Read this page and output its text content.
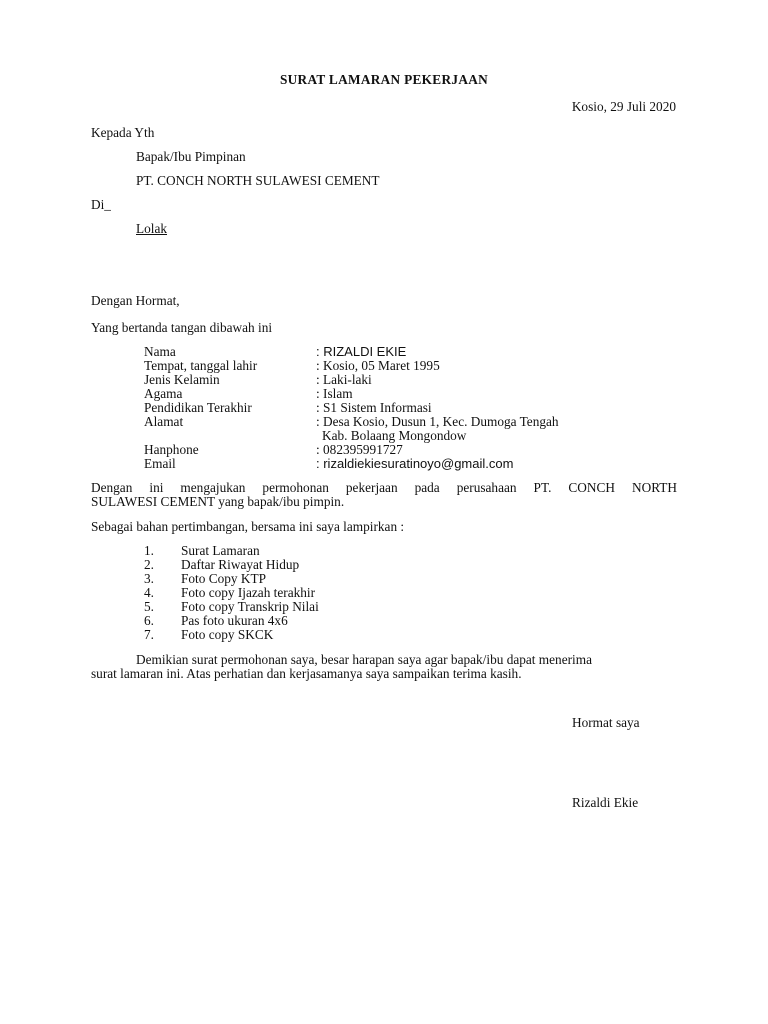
SURAT LAMARAN PEKERJAAN
Kosio, 29 Juli 2020
Kepada Yth
Bapak/Ibu Pimpinan
PT. CONCH NORTH SULAWESI CEMENT
Di_
Lolak
Dengan Hormat,
Yang bertanda tangan dibawah ini
Nama	: RIZALDI EKIE
Tempat, tanggal lahir	: Kosio, 05 Maret 1995
Jenis Kelamin	: Laki-laki
Agama	: Islam
Pendidikan Terakhir	: S1 Sistem Informasi
Alamat	: Desa Kosio, Dusun 1, Kec. Dumoga Tengah
Kab. Bolaang Mongondow
Hanphone	: 082395991727
Email	: rizaldiekiesuratinoyo@gmail.com
Dengan ini mengajukan permohonan pekerjaan pada perusahaan PT. CONCH NORTH
SULAWESI CEMENT yang bapak/ibu pimpin.
Sebagai bahan pertimbangan, bersama ini saya lampirkan :
1. Surat Lamaran
2. Daftar Riwayat Hidup
3. Foto Copy KTP
4. Foto copy Ijazah terakhir
5. Foto copy Transkrip Nilai
6. Pas foto ukuran 4x6
7. Foto copy SKCK
Demikian surat permohonan saya, besar harapan saya agar bapak/ibu dapat menerima
surat lamaran ini. Atas perhatian dan kerjasamanya saya sampaikan terima kasih.
Hormat saya
Rizaldi Ekie
